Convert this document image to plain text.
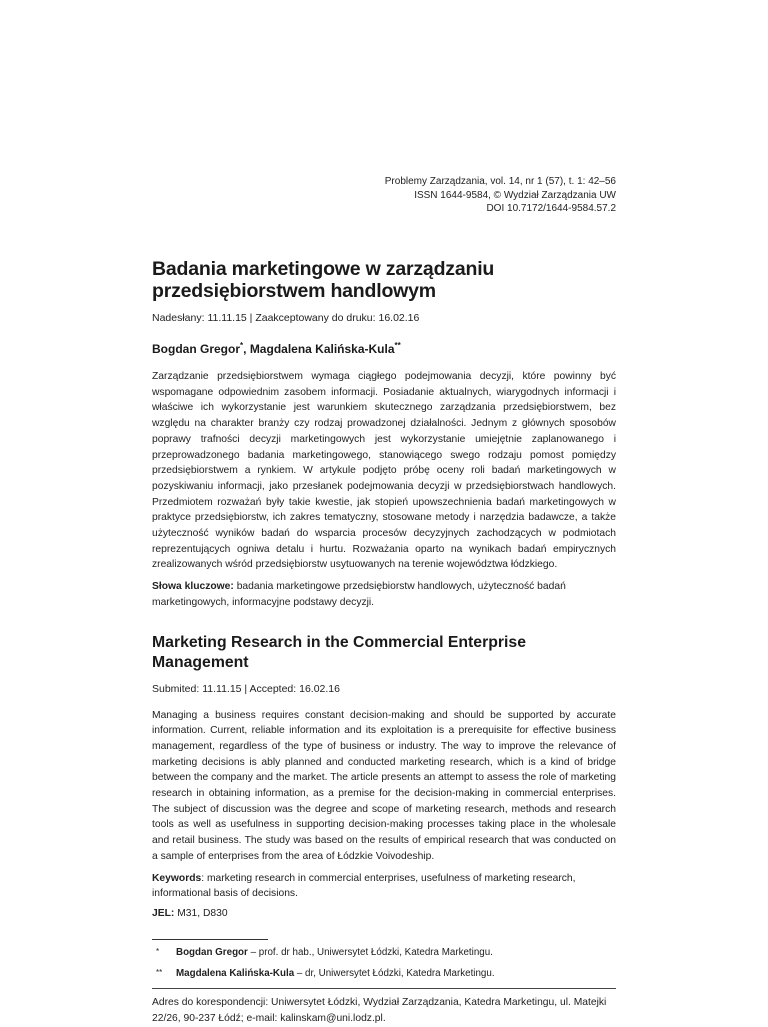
Problemy Zarządzania, vol. 14, nr 1 (57), t. 1: 42–56
ISSN 1644-9584, © Wydział Zarządzania UW
DOI 10.7172/1644-9584.57.2
Badania marketingowe w zarządzaniu przedsiębiorstwem handlowym
Nadesłany: 11.11.15 | Zaakceptowany do druku: 16.02.16
Bogdan Gregor*, Magdalena Kalińska-Kula**

Zarządzanie przedsiębiorstwem wymaga ciągłego podejmowania decyzji, które powinny być wspomagane odpowiednim zasobem informacji. Posiadanie aktualnych, wiarygodnych informacji i właściwe ich wykorzystanie jest warunkiem skutecznego zarządzania przedsiębiorstwem, bez względu na charakter branży czy rodzaj prowadzonej działalności. Jednym z głównych sposobów poprawy trafności decyzji marketingowych jest wykorzystanie umiejętnie zaplanowanego i przeprowadzonego badania marketingowego, stanowiącego swego rodzaju pomost pomiędzy przedsiębiorstwem a rynkiem. W artykule podjęto próbę oceny roli badań marketingowych w pozyskiwaniu informacji, jako przesłanek podejmowania decyzji w przedsiębiorstwach handlowych. Przedmiotem rozważań były takie kwestie, jak stopień upowszechnienia badań marketingowych w praktyce przedsiębiorstw, ich zakres tematyczny, stosowane metody i narzędzia badawcze, a także użyteczność wyników badań do wsparcia procesów decyzyjnych zachodzących w podmiotach reprezentujących ogniwa detalu i hurtu. Rozważania oparto na wynikach badań empirycznych zrealizowanych wśród przedsiębiorstw usytuowanych na terenie województwa łódzkiego.

Słowa kluczowe: badania marketingowe przedsiębiorstw handlowych, użyteczność badań marketingowych, informacyjne podstawy decyzji.
Marketing Research in the Commercial Enterprise Management
Submited: 11.11.15 | Accepted: 16.02.16

Managing a business requires constant decision-making and should be supported by accurate information. Current, reliable information and its exploitation is a prerequisite for effective business management, regardless of the type of business or industry. The way to improve the relevance of marketing decisions is ably planned and conducted marketing research, which is a kind of bridge between the company and the market. The article presents an attempt to assess the role of marketing research in obtaining information, as a premise for the decision-making in commercial enterprises. The subject of discussion was the degree and scope of marketing research, methods and research tools as well as usefulness in supporting decision-making processes taking place in the wholesale and retail business. The study was based on the results of empirical research that was conducted on a sample of enterprises from the area of Łódzkie Voivodeship.

Keywords: marketing research in commercial enterprises, usefulness of marketing research, informational basis of decisions.
JEL: M31, D830
* Bogdan Gregor – prof. dr hab., Uniwersytet Łódzki, Katedra Marketingu.
** Magdalena Kalińska-Kula – dr, Uniwersytet Łódzki, Katedra Marketingu.
Adres do korespondencji: Uniwersytet Łódzki, Wydział Zarządzania, Katedra Marketingu, ul. Matejki 22/26, 90-237 Łódź; e-mail: kalinskam@uni.lodz.pl.
